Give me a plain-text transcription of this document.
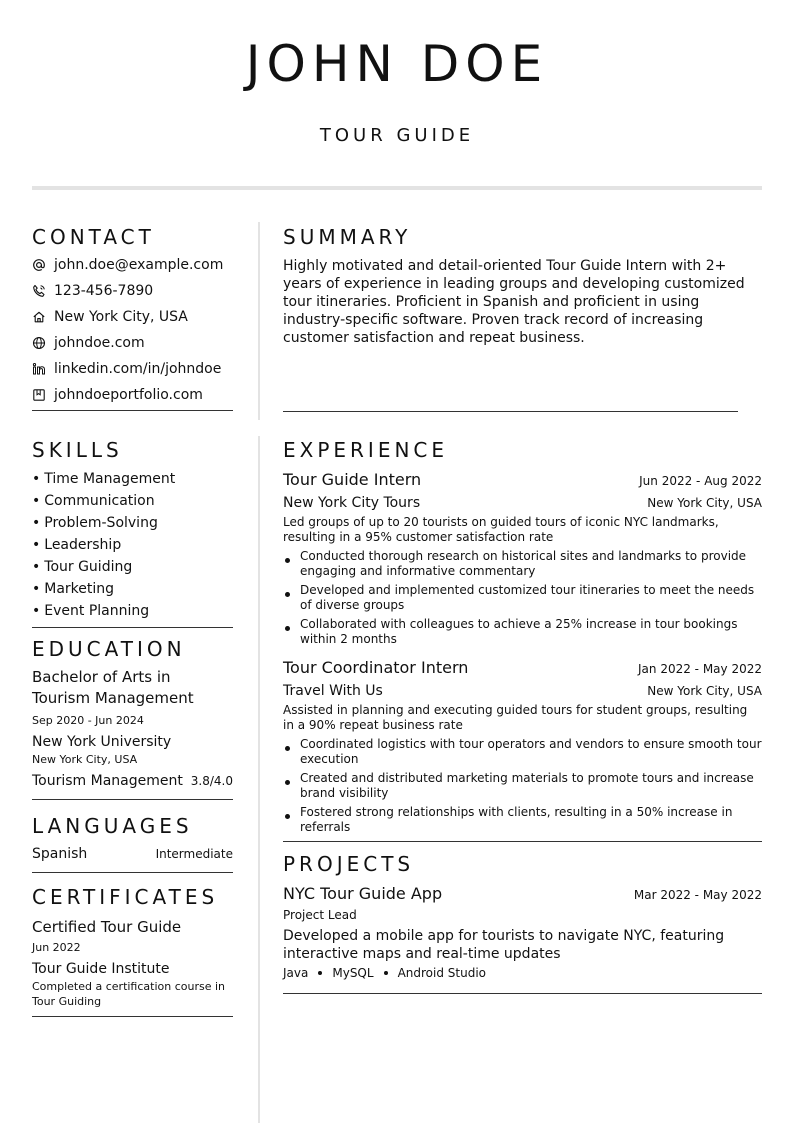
JOHN DOE
TOUR GUIDE
CONTACT
john.doe@example.com
123-456-7890
New York City, USA
johndoe.com
linkedin.com/in/johndoe
johndoeportfolio.com
SUMMARY
Highly motivated and detail-oriented Tour Guide Intern with 2+ years of experience in leading groups and developing customized tour itineraries. Proficient in Spanish and proficient in using industry-specific software. Proven track record of increasing customer satisfaction and repeat business.
SKILLS
• Time Management
• Communication
• Problem-Solving
• Leadership
• Tour Guiding
• Marketing
• Event Planning
EDUCATION
Bachelor of Arts in Tourism Management
Sep 2020 - Jun 2024
New York University
New York City, USA
Tourism Management 3.8/4.0
LANGUAGES
Spanish	Intermediate
CERTIFICATES
Certified Tour Guide
Jun 2022
Tour Guide Institute
Completed a certification course in Tour Guiding
EXPERIENCE
Tour Guide Intern	Jun 2022 - Aug 2022
New York City Tours	New York City, USA
Led groups of up to 20 tourists on guided tours of iconic NYC landmarks, resulting in a 95% customer satisfaction rate
Conducted thorough research on historical sites and landmarks to provide engaging and informative commentary
Developed and implemented customized tour itineraries to meet the needs of diverse groups
Collaborated with colleagues to achieve a 25% increase in tour bookings within 2 months
Tour Coordinator Intern	Jan 2022 - May 2022
Travel With Us	New York City, USA
Assisted in planning and executing guided tours for student groups, resulting in a 90% repeat business rate
Coordinated logistics with tour operators and vendors to ensure smooth tour execution
Created and distributed marketing materials to promote tours and increase brand visibility
Fostered strong relationships with clients, resulting in a 50% increase in referrals
PROJECTS
NYC Tour Guide App	Mar 2022 - May 2022
Project Lead
Developed a mobile app for tourists to navigate NYC, featuring interactive maps and real-time updates
Java MySQL Android Studio
